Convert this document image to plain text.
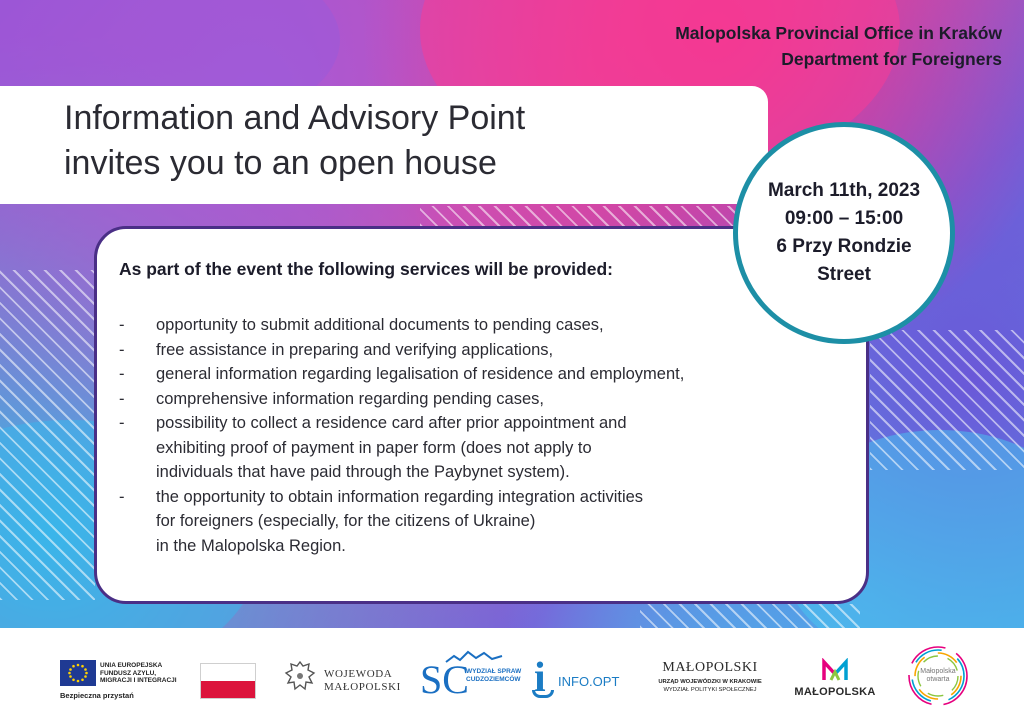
Malopolska Provincial Office in Kraków
Department for Foreigners
Information and Advisory Point
invites you to an open house
As part of the event the following services will be provided:
- opportunity to submit additional documents to pending cases,
- free assistance in preparing and verifying applications,
- general information regarding legalisation of residence and employment,
- comprehensive information regarding pending cases,
- possibility to collect a residence card after prior appointment and
exhibiting proof of payment in paper form (does not apply to
individuals that have paid through the Paybynet system).
- the opportunity to obtain information regarding integration activities
for foreigners (especially, for the citizens of Ukraine)
in the Malopolska Region.
March 11th, 2023
09:00 – 15:00
6 Przy Rondzie
Street
UNIA EUROPEJSKA
FUNDUSZ AZYLU,
MIGRACJI I INTEGRACJI
Bezpieczna przystań
WOJEWODA
MAŁOPOLSKI SC
WYDZIAŁ SPRAW
CUDZOZIEMCÓW i INFO.OPT
MAŁOPOLSKI
URZĄD WOJEWÓDZKI W KRAKOWIE
WYDZIAŁ POLITYKI SPOŁECZNEJ	MAŁOPOLSKA
Małopolska
otwarta
